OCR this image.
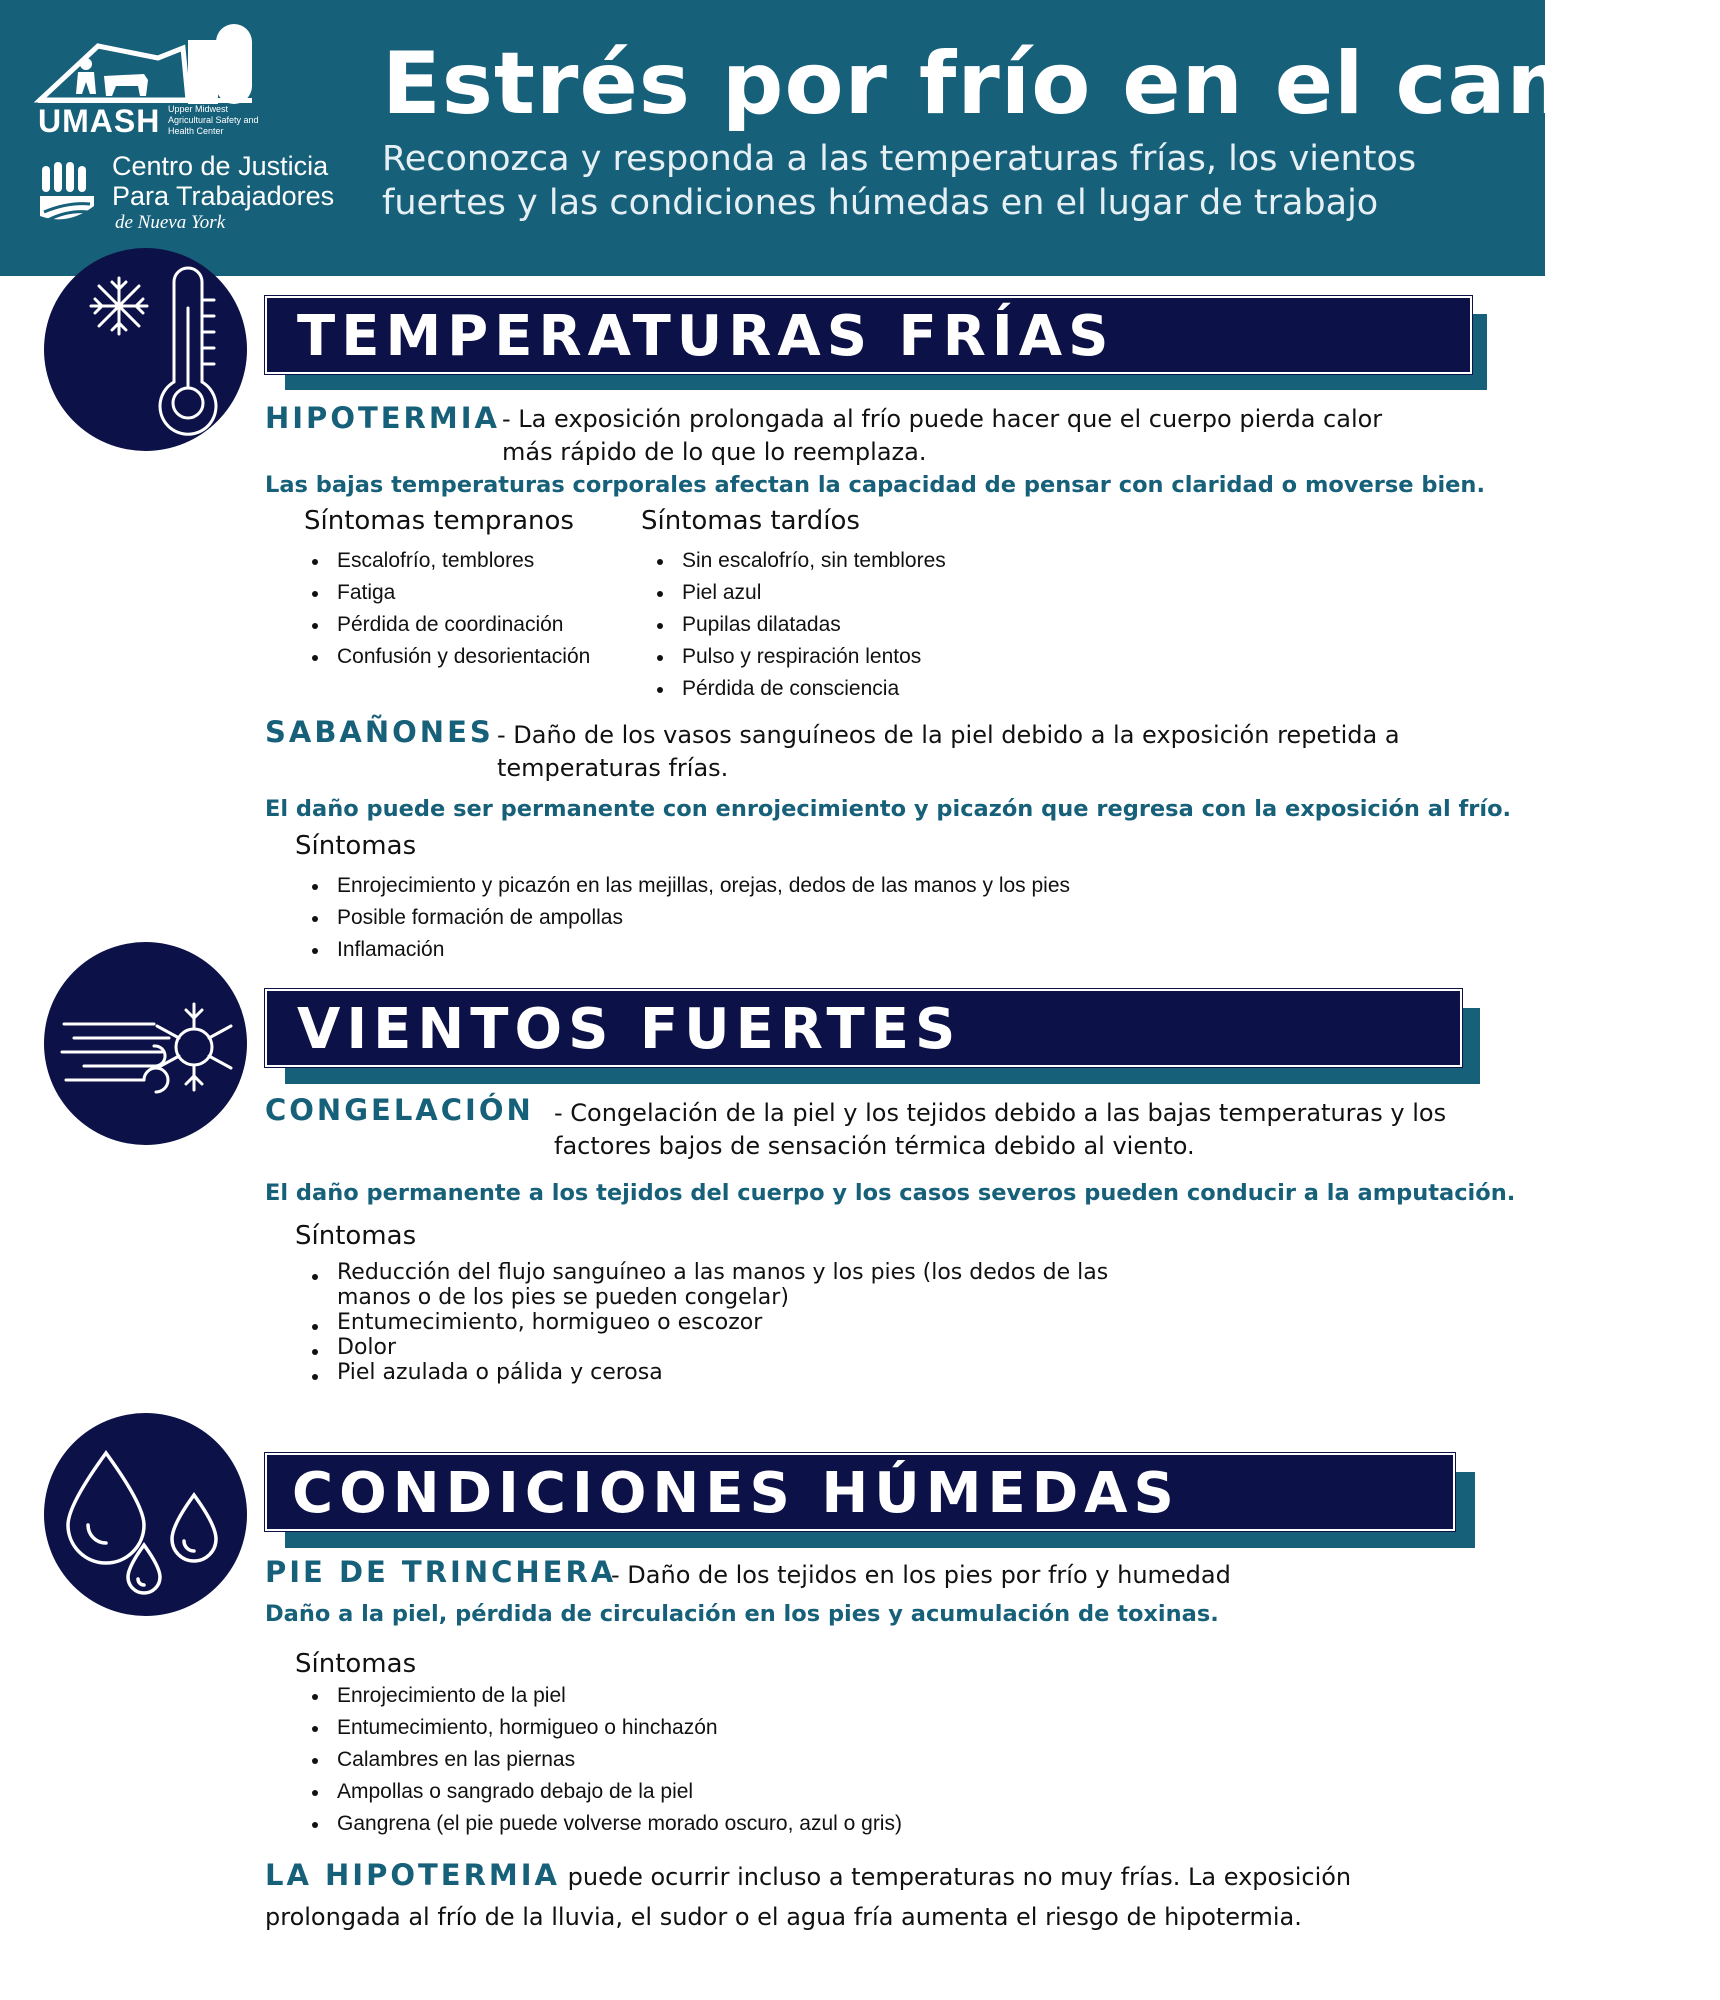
UMASH Upper Midwest Agricultural Safety and Health Center
Centro de Justicia
Para Trabajadores
de Nueva York
Estrés por frío en el campo
Reconozca y responda a las temperaturas frías, los vientos fuertes y las condiciones húmedas en el lugar de trabajo
TEMPERATURAS FRÍAS
HIPOTERMIA - La exposición prolongada al frío puede hacer que el cuerpo pierda calor más rápido de lo que lo reemplaza.
Las bajas temperaturas corporales afectan la capacidad de pensar con claridad o moverse bien.
Síntomas tempranos
Escalofrío, temblores
Fatiga
Pérdida de coordinación
Confusión y desorientación
Síntomas tardíos
Sin escalofrío, sin temblores
Piel azul
Pupilas dilatadas
Pulso y respiración lentos
Pérdida de consciencia
SABAÑONES - Daño de los vasos sanguíneos de la piel debido a la exposición repetida a temperaturas frías.
El daño puede ser permanente con enrojecimiento y picazón que regresa con la exposición al frío.
Síntomas
Enrojecimiento y picazón en las mejillas, orejas, dedos de las manos y los pies
Posible formación de ampollas
Inflamación
VIENTOS FUERTES
CONGELACIÓN - Congelación de la piel y los tejidos debido a las bajas temperaturas y los factores bajos de sensación térmica debido al viento.
El daño permanente a los tejidos del cuerpo y los casos severos pueden conducir a la amputación.
Síntomas
Reducción del flujo sanguíneo a las manos y los pies (los dedos de las manos o de los pies se pueden congelar)
Entumecimiento, hormigueo o escozor
Dolor
Piel azulada o pálida y cerosa
CONDICIONES HÚMEDAS
PIE DE TRINCHERA
- Daño de los tejidos en los pies por frío y humedad
Daño a la piel, pérdida de circulación en los pies y acumulación de toxinas.
Síntomas
Enrojecimiento de la piel
Entumecimiento, hormigueo o hinchazón
Calambres en las piernas
Ampollas o sangrado debajo de la piel
Gangrena (el pie puede volverse morado oscuro, azul o gris)
LA HIPOTERMIA puede ocurrir incluso a temperaturas no muy frías. La exposición prolongada al frío de la lluvia, el sudor o el agua fría aumenta el riesgo de hipotermia.
